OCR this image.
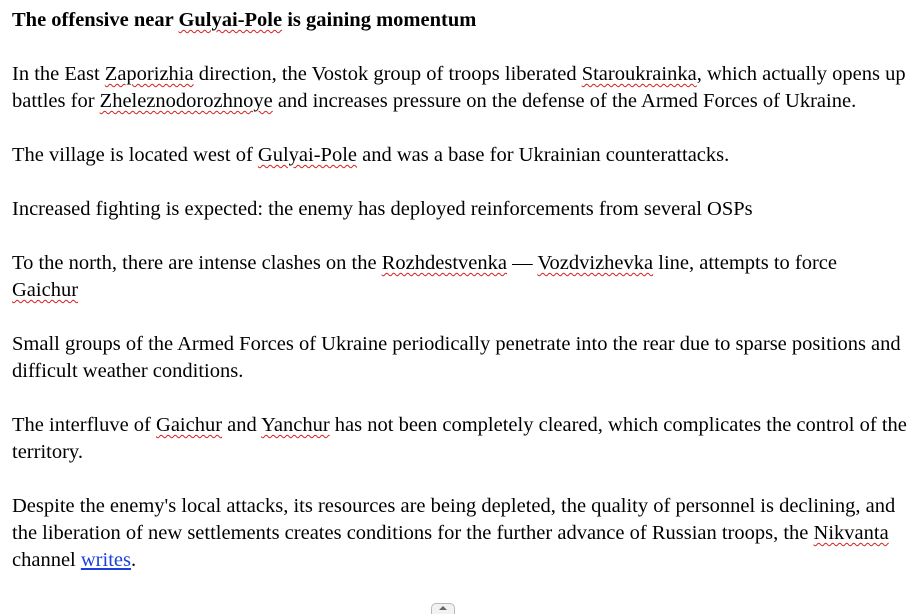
The offensive near Gulyai-Pole is gaining momentum

In the East Zaporizhia direction, the Vostok group of troops liberated Staroukrainka, which actually opens up battles for Zheleznodorozhnoye and increases pressure on the defense of the Armed Forces of Ukraine.

The village is located west of Gulyai-Pole and was a base for Ukrainian counterattacks.

Increased fighting is expected: the enemy has deployed reinforcements from several OSPs

To the north, there are intense clashes on the Rozhdestvenka — Vozdvizhevka line, attempts to force Gaichur

Small groups of the Armed Forces of Ukraine periodically penetrate into the rear due to sparse positions and difficult weather conditions.

The interfluve of Gaichur and Yanchur has not been completely cleared, which complicates the control of the territory.

Despite the enemy's local attacks, its resources are being depleted, the quality of personnel is declining, and the liberation of new settlements creates conditions for the further advance of Russian troops, the Nikvanta channel writes.
